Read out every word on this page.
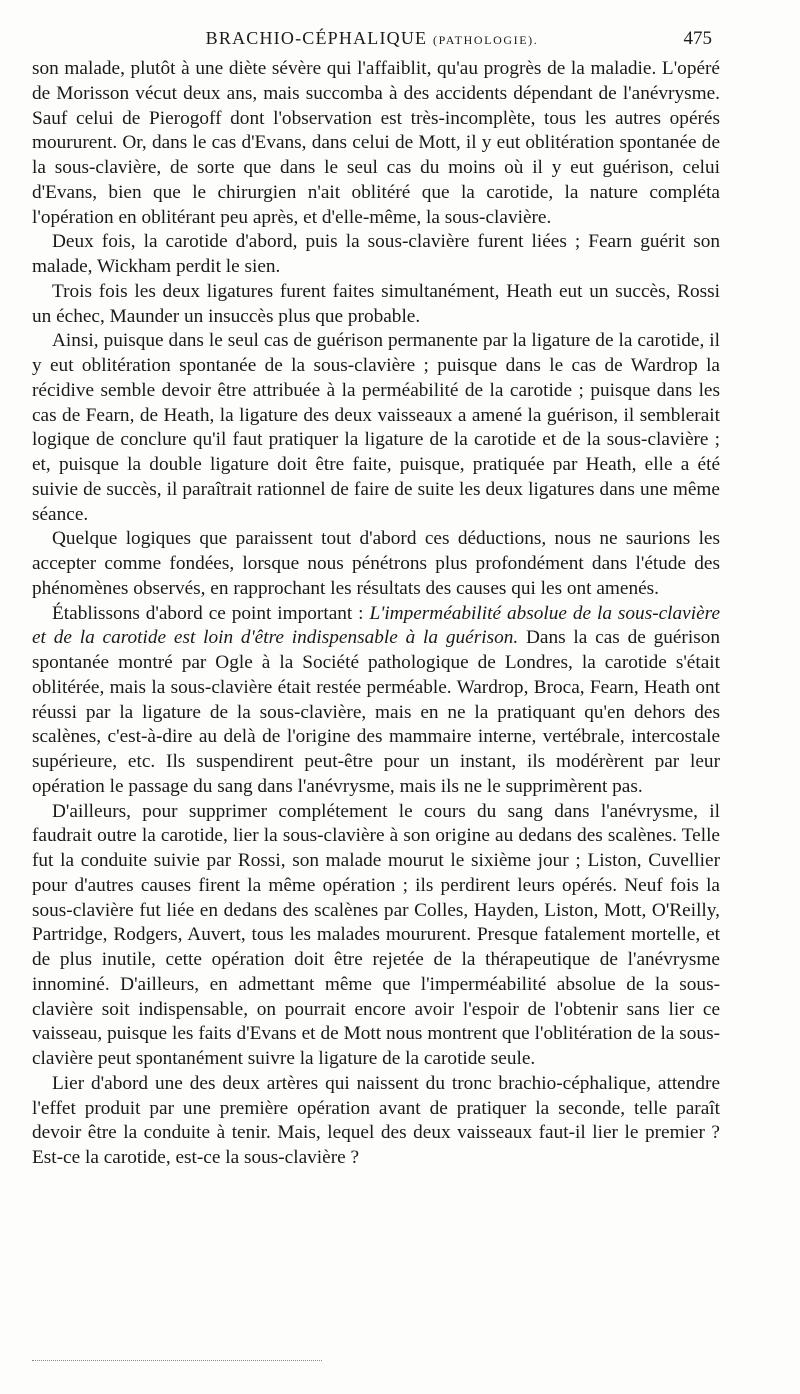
BRACHIO-CÉPHALIQUE (PATHOLOGIE).	475

son malade, plutôt à une diète sévère qui l'affaiblit, qu'au progrès de la maladie. L'opéré de Morisson vécut deux ans, mais succomba à des accidents dépendant de l'anévrysme. Sauf celui de Pierogoff dont l'observation est très-incomplète, tous les autres opérés moururent. Or, dans le cas d'Evans, dans celui de Mott, il y eut oblitération spontanée de la sous-clavière, de sorte que dans le seul cas du moins où il y eut guérison, celui d'Evans, bien que le chirurgien n'ait oblitéré que la carotide, la nature compléta l'opération en oblitérant peu après, et d'elle-même, la sous-clavière.

Deux fois, la carotide d'abord, puis la sous-clavière furent liées ; Fearn guérit son malade, Wickham perdit le sien.

Trois fois les deux ligatures furent faites simultanément, Heath eut un succès, Rossi un échec, Maunder un insuccès plus que probable.

Ainsi, puisque dans le seul cas de guérison permanente par la ligature de la carotide, il y eut oblitération spontanée de la sous-clavière ; puisque dans le cas de Wardrop la récidive semble devoir être attribuée à la perméabilité de la carotide ; puisque dans les cas de Fearn, de Heath, la ligature des deux vaisseaux a amené la guérison, il semblerait logique de conclure qu'il faut pratiquer la ligature de la carotide et de la sous-clavière ; et, puisque la double ligature doit être faite, puisque, pratiquée par Heath, elle a été suivie de succès, il paraîtrait rationnel de faire de suite les deux ligatures dans une même séance.

Quelque logiques que paraissent tout d'abord ces déductions, nous ne saurions les accepter comme fondées, lorsque nous pénétrons plus profondément dans l'étude des phénomènes observés, en rapprochant les résultats des causes qui les ont amenés.

Établissons d'abord ce point important : L'imperméabilité absolue de la sous-clavière et de la carotide est loin d'être indispensable à la guérison. Dans la cas de guérison spontanée montré par Ogle à la Société pathologique de Londres, la carotide s'était oblitérée, mais la sous-clavière était restée perméable. Wardrop, Broca, Fearn, Heath ont réussi par la ligature de la sous-clavière, mais en ne la pratiquant qu'en dehors des scalènes, c'est-à-dire au delà de l'origine des mammaire interne, vertébrale, intercostale supérieure, etc. Ils suspendirent peut-être pour un instant, ils modérèrent par leur opération le passage du sang dans l'anévrysme, mais ils ne le supprimèrent pas.

D'ailleurs, pour supprimer complétement le cours du sang dans l'anévrysme, il faudrait outre la carotide, lier la sous-clavière à son origine au dedans des scalènes. Telle fut la conduite suivie par Rossi, son malade mourut le sixième jour ; Liston, Cuvellier pour d'autres causes firent la même opération ; ils perdirent leurs opérés. Neuf fois la sous-clavière fut liée en dedans des scalènes par Colles, Hayden, Liston, Mott, O'Reilly, Partridge, Rodgers, Auvert, tous les malades moururent. Presque fatalement mortelle, et de plus inutile, cette opération doit être rejetée de la thérapeutique de l'anévrysme innominé. D'ailleurs, en admettant même que l'imperméabilité absolue de la sous-clavière soit indispensable, on pourrait encore avoir l'espoir de l'obtenir sans lier ce vaisseau, puisque les faits d'Evans et de Mott nous montrent que l'oblitération de la sous-clavière peut spontanément suivre la ligature de la carotide seule.

Lier d'abord une des deux artères qui naissent du tronc brachio-céphalique, attendre l'effet produit par une première opération avant de pratiquer la seconde, telle paraît devoir être la conduite à tenir. Mais, lequel des deux vaisseaux faut-il lier le premier ? Est-ce la carotide, est-ce la sous-clavière ?
